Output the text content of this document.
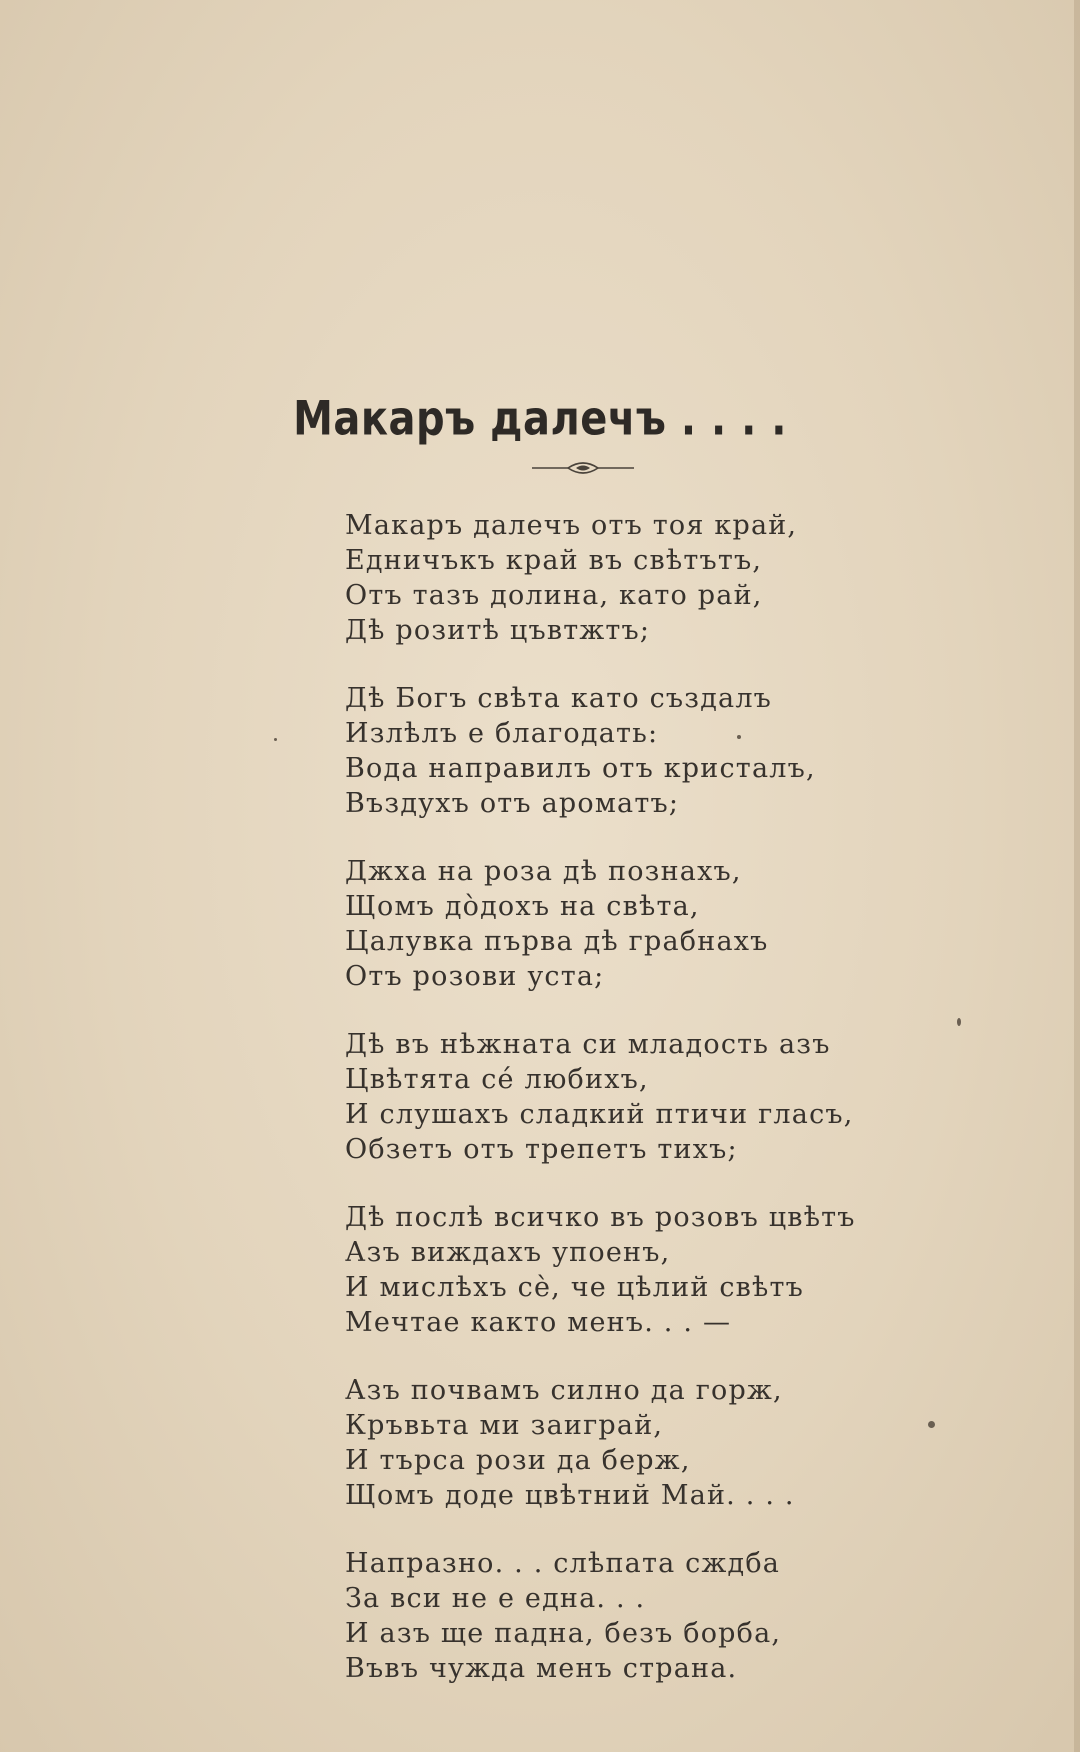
Макаръ далечъ . . . .
Макаръ далечъ отъ тоя край,
Едничъкъ край въ свѣтътъ,
Отъ тазъ долина, като рай,
Дѣ розитѣ цъвтжтъ;
Дѣ Богъ свѣта като създалъ
Излѣлъ е благодать:
Вода направилъ отъ кристалъ,
Въздухъ отъ ароматъ;
Джха на роза дѣ познахъ,
Щомъ дòдохъ на свѣта,
Цалувка първа дѣ грабнахъ
Отъ розови уста;
Дѣ въ нѣжната си младость азъ
Цвѣтята сé любихъ,
И слушахъ сладкий птичи гласъ,
Обзетъ отъ трепетъ тихъ;
Дѣ послѣ всичко въ розовъ цвѣтъ
Азъ виждахъ упоенъ,
И мислѣхъ сѐ, че цѣлий свѣтъ
Мечтае както менъ. . . —
Азъ почвамъ силно да горж,
Кръвьта ми заиграй,
И търса рози да берж,
Щомъ доде цвѣтний Май. . . .
Напразно. . . слѣпата сждба
За вси не е една. . .
И азъ ще падна, безъ борба,
Въвъ чужда менъ страна.
